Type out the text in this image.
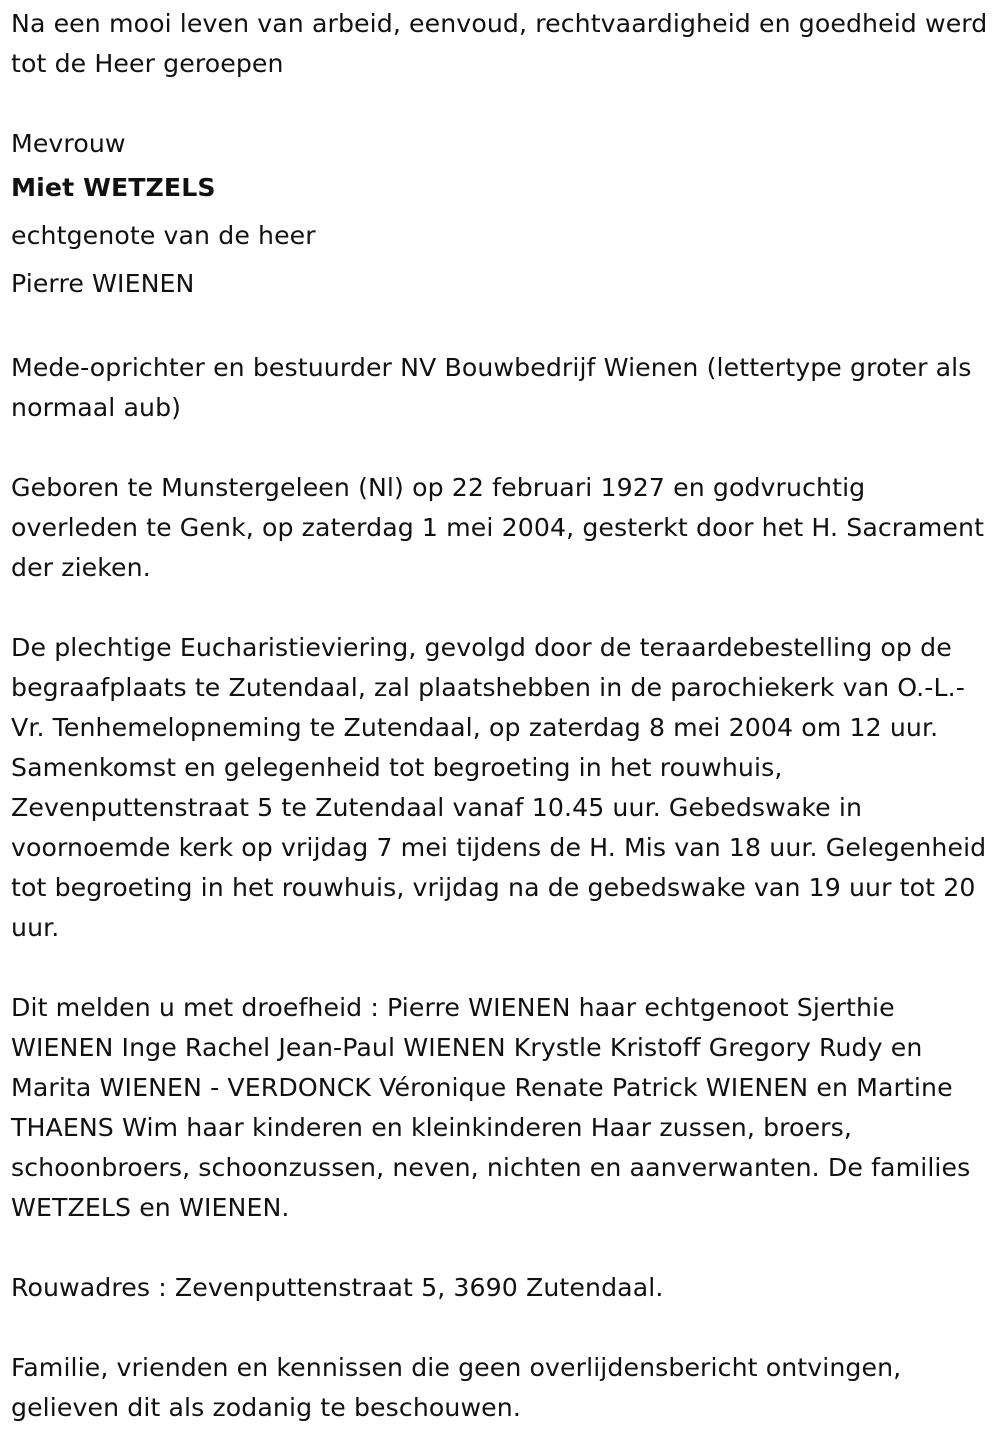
Na een mooi leven van arbeid, eenvoud, rechtvaardigheid en goedheid werd tot de Heer geroepen

Mevrouw

Miet WETZELS

echtgenote van de heer

Pierre WIENEN

Mede-oprichter en bestuurder NV Bouwbedrijf Wienen (lettertype groter als normaal aub)

Geboren te Munstergeleen (Nl) op 22 februari 1927 en godvruchtig overleden te Genk, op zaterdag 1 mei 2004, gesterkt door het H. Sacrament der zieken.

De plechtige Eucharistieviering, gevolgd door de teraardebestelling op de begraafplaats te Zutendaal, zal plaatshebben in de parochiekerk van O.-L.-Vr. Tenhemelopneming te Zutendaal, op zaterdag 8 mei 2004 om 12 uur. Samenkomst en gelegenheid tot begroeting in het rouwhuis, Zevenputtenstraat 5 te Zutendaal vanaf 10.45 uur. Gebedswake in voornoemde kerk op vrijdag 7 mei tijdens de H. Mis van 18 uur. Gelegenheid tot begroeting in het rouwhuis, vrijdag na de gebedswake van 19 uur tot 20 uur.

Dit melden u met droefheid : Pierre WIENEN haar echtgenoot Sjerthie WIENEN Inge Rachel Jean-Paul WIENEN Krystle Kristoff Gregory Rudy en Marita WIENEN - VERDONCK Véronique Renate Patrick WIENEN en Martine THAENS Wim haar kinderen en kleinkinderen Haar zussen, broers, schoonbroers, schoonzussen, neven, nichten en aanverwanten. De families WETZELS en WIENEN.

Rouwadres : Zevenputtenstraat 5, 3690 Zutendaal.

Familie, vrienden en kennissen die geen overlijdensbericht ontvingen, gelieven dit als zodanig te beschouwen.
